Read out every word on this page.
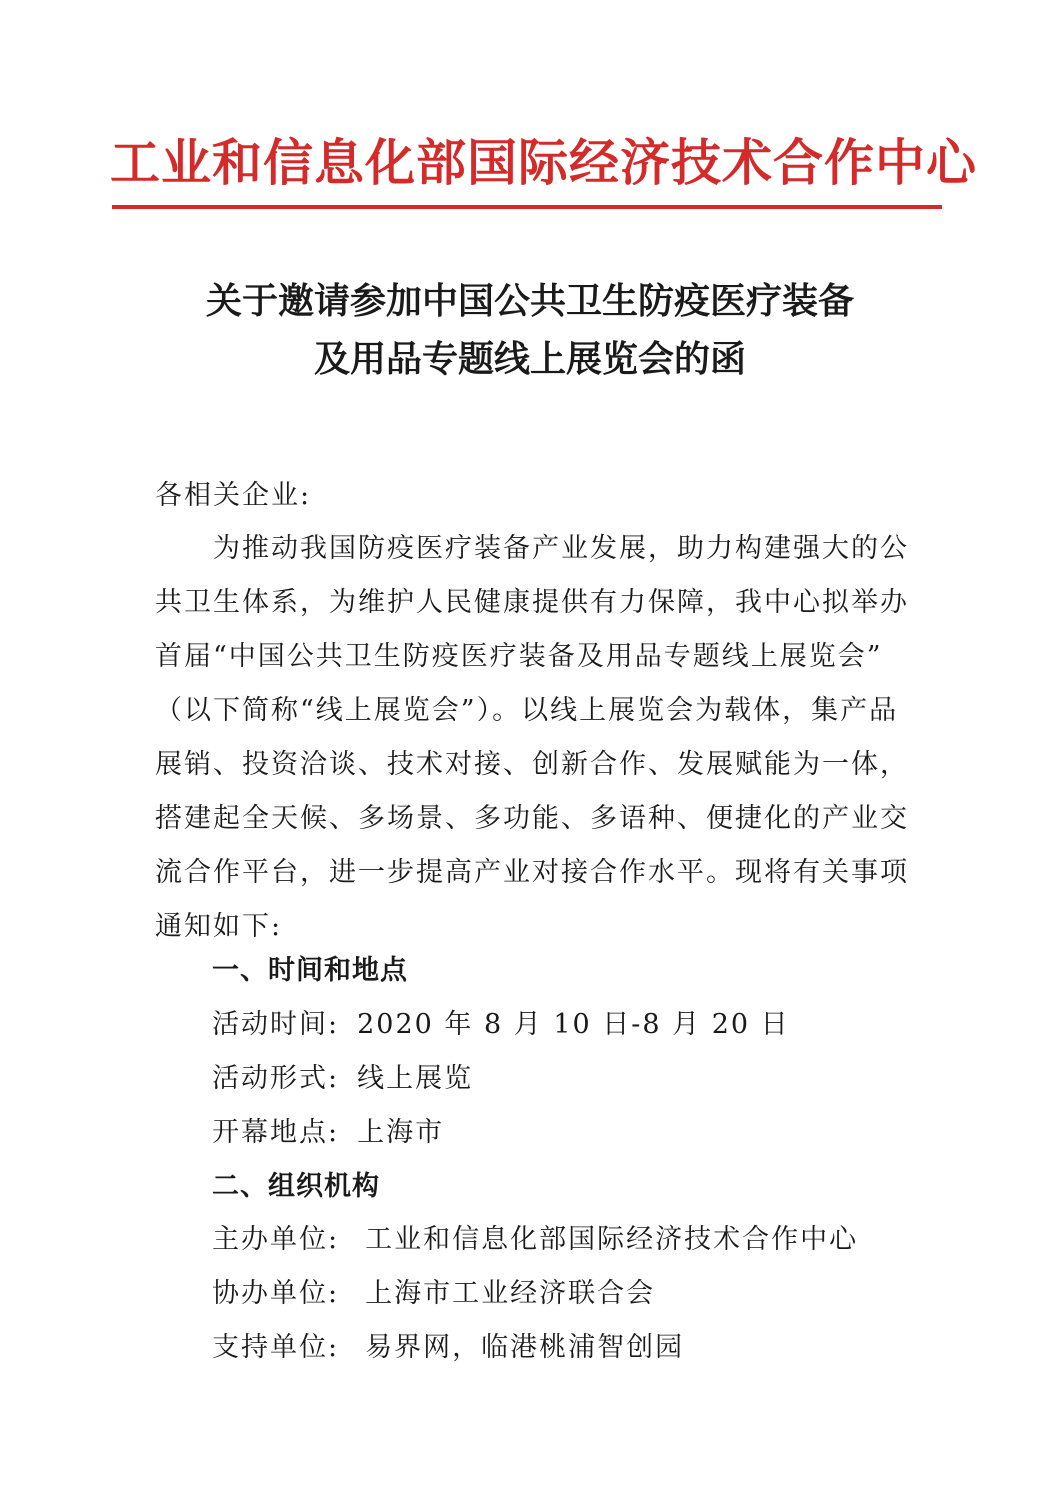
工业和信息化部国际经济技术合作中心
关于邀请参加中国公共卫生防疫医疗装备
及用品专题线上展览会的函
各相关企业:
　　为推动我国防疫医疗装备产业发展，助力构建强大的公
共卫生体系，为维护人民健康提供有力保障，我中心拟举办
首届“中国公共卫生防疫医疗装备及用品专题线上展览会”
（以下简称“线上展览会”）。以线上展览会为载体，集产品
展销、投资洽谈、技术对接、创新合作、发展赋能为一体，
搭建起全天候、多场景、多功能、多语种、便捷化的产业交
流合作平台，进一步提高产业对接合作水平。现将有关事项
通知如下:
一、时间和地点
活动时间: 2020 年 8 月 10 日-8 月 20 日
活动形式: 线上展览
开幕地点: 上海市
二、组织机构
主办单位: 工业和信息化部国际经济技术合作中心
协办单位: 上海市工业经济联合会
支持单位: 易界网，临港桃浦智创园
